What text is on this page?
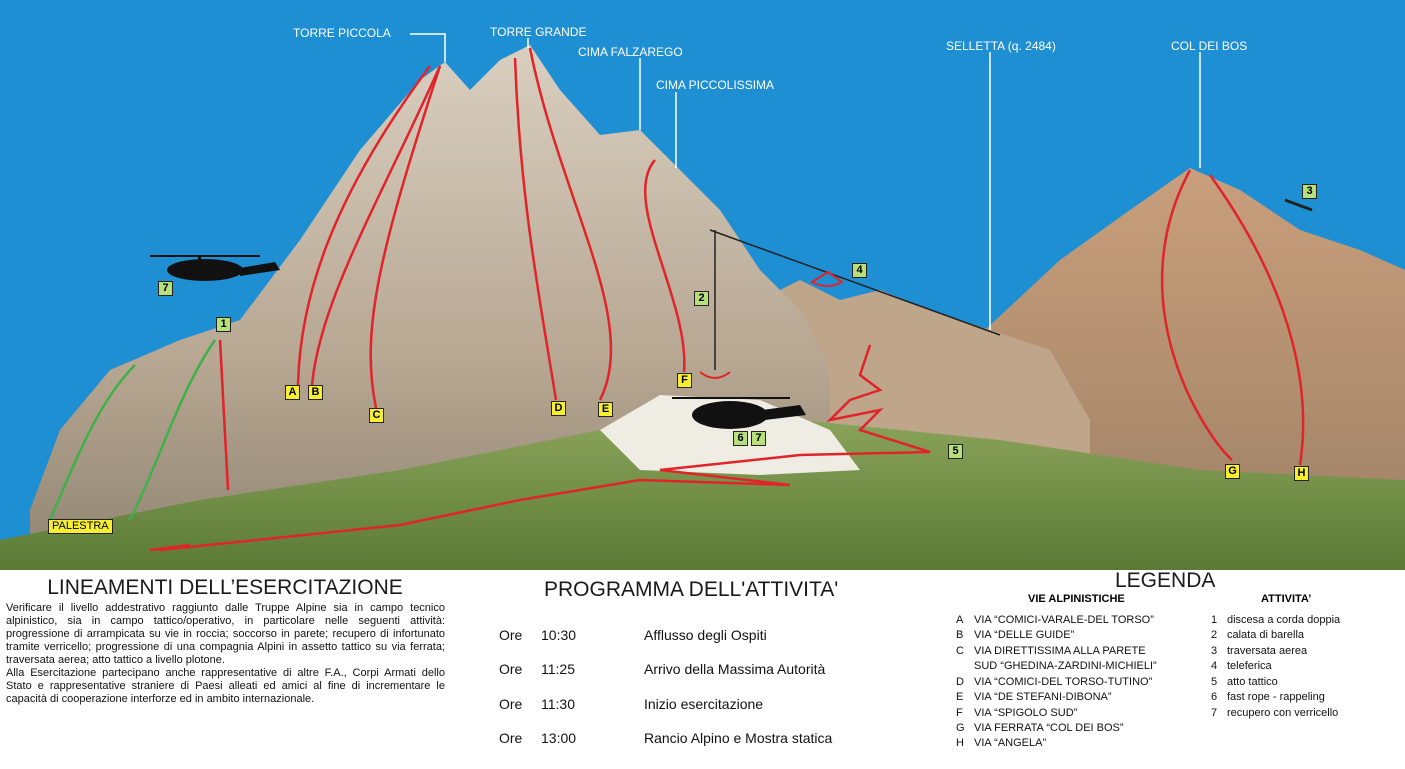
TORRE PICCOLA	TORRE GRANDE
CIMA FALZAREGO
CIMA PICCOLISSIMA
SELLETTA (q. 2484)	COL DEI BOS
1
2
3
4
5
6	7
7
A	B
C
D	E
F
G	H
PALESTRA
LINEAMENTI DELL’ESERCITAZIONE
Verificare il livello addestrativo raggiunto dalle Truppe Alpine sia in campo tecnico alpinistico, sia in campo tattico/operativo, in particolare nelle seguenti attività: progressione di arrampicata su vie in roccia; soccorso in parete; recupero di infortunato tramite verricello; progressione di una compagnia Alpini in assetto tattico su via ferrata; traversata aerea; atto tattico a livello plotone.
Alla Esercitazione partecipano anche rappresentative di altre F.A., Corpi Armati dello Stato e rappresentative straniere di Paesi alleati ed amici al fine di incrementare le capacità di cooperazione interforze ed in ambito internazionale.
PROGRAMMA DELL'ATTIVITA'
Ore 10:30	Afflusso degli Ospiti
Ore 11:25	Arrivo della Massima Autorità
Ore 11:30	Inizio esercitazione
Ore 13:00	Rancio Alpino e Mostra statica
LEGENDA
VIE ALPINISTICHE	ATTIVITA’
A VIA “COMICI-VARALE-DEL TORSO”
B VIA “DELLE GUIDE”
C VIA DIRETTISSIMA ALLA PARETE
SUD “GHEDINA-ZARDINI-MICHIELI”
D VIA “COMICI-DEL TORSO-TUTINO”
E VIA “DE STEFANI-DIBONA”
F VIA “SPIGOLO SUD”
G VIA FERRATA “COL DEI BOS”
H VIA “ANGELA”
1 discesa a corda doppia
2 calata di barella
3 traversata aerea
4 teleferica
5 atto tattico
6 fast rope - rappeling
7 recupero con verricello
